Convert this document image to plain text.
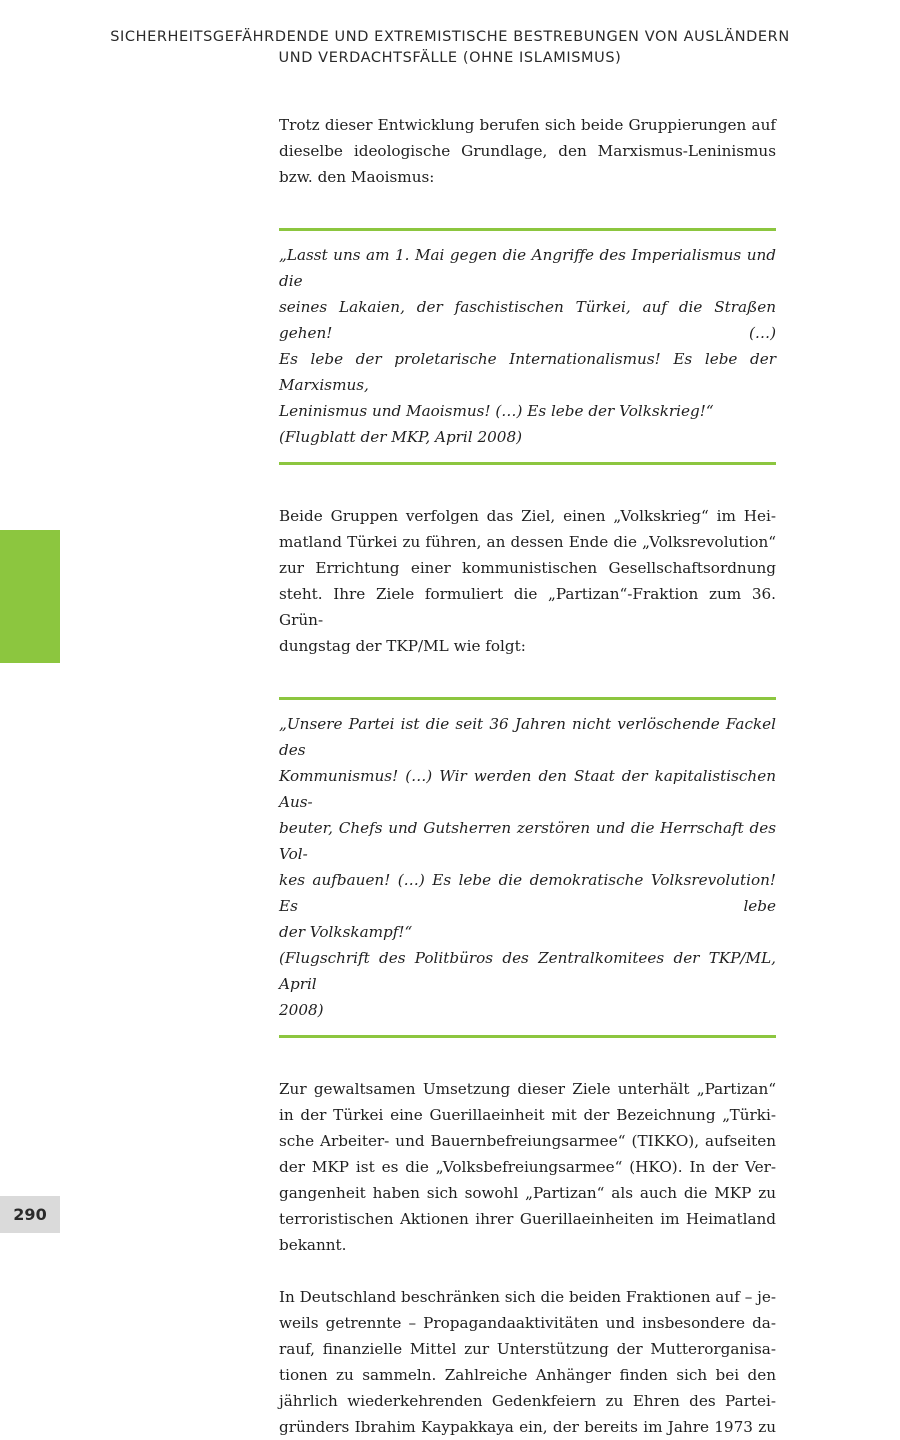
SICHERHEITSGEFÄHRDENDE UND EXTREMISTISCHE BESTREBUNGEN VON AUSLÄNDERN
UND VERDACHTSFÄLLE (OHNE ISLAMISMUS)

Trotz dieser Entwicklung berufen sich beide Gruppierungen auf
dieselbe ideologische Grundlage, den Marxismus-Leninismus
bzw. den Maoismus:

„Lasst uns am 1. Mai gegen die Angriffe des Imperialismus und die
seines Lakaien, der faschistischen Türkei, auf die Straßen gehen! (…)
Es lebe der proletarische Internationalismus! Es lebe der Marxismus,
Leninismus und Maoismus! (…) Es lebe der Volkskrieg!“
(Flugblatt der MKP, April 2008)

Beide Gruppen verfolgen das Ziel, einen „Volkskrieg“ im Hei-
matland Türkei zu führen, an dessen Ende die „Volksrevolution“
zur Errichtung einer kommunistischen Gesellschaftsordnung
steht. Ihre Ziele formuliert die „Partizan“-Fraktion zum 36. Grün-
dungstag der TKP/ML wie folgt:

„Unsere Partei ist die seit 36 Jahren nicht verlöschende Fackel des
Kommunismus! (…) Wir werden den Staat der kapitalistischen Aus-
beuter, Chefs und Gutsherren zerstören und die Herrschaft des Vol-
kes aufbauen! (…) Es lebe die demokratische Volksrevolution! Es lebe
der Volkskampf!“
(Flugschrift des Politbüros des Zentralkomitees der TKP/ML, April
2008)

Zur gewaltsamen Umsetzung dieser Ziele unterhält „Partizan“
in der Türkei eine Guerillaeinheit mit der Bezeichnung „Türki-
sche Arbeiter- und Bauernbefreiungsarmee“ (TIKKO), aufseiten
der MKP ist es die „Volksbefreiungsarmee“ (HKO). In der Ver-
gangenheit haben sich sowohl „Partizan“ als auch die MKP zu
terroristischen Aktionen ihrer Guerillaeinheiten im Heimatland
bekannt.

In Deutschland beschränken sich die beiden Fraktionen auf – je-
weils getrennte – Propagandaaktivitäten und insbesondere da-
rauf, finanzielle Mittel zur Unterstützung der Mutterorganisa-
tionen zu sammeln. Zahlreiche Anhänger finden sich bei den
jährlich wiederkehrenden Gedenkfeiern zu Ehren des Partei-
gründers Ibrahim Kaypakkaya ein, der bereits im Jahre 1973 zu

290
